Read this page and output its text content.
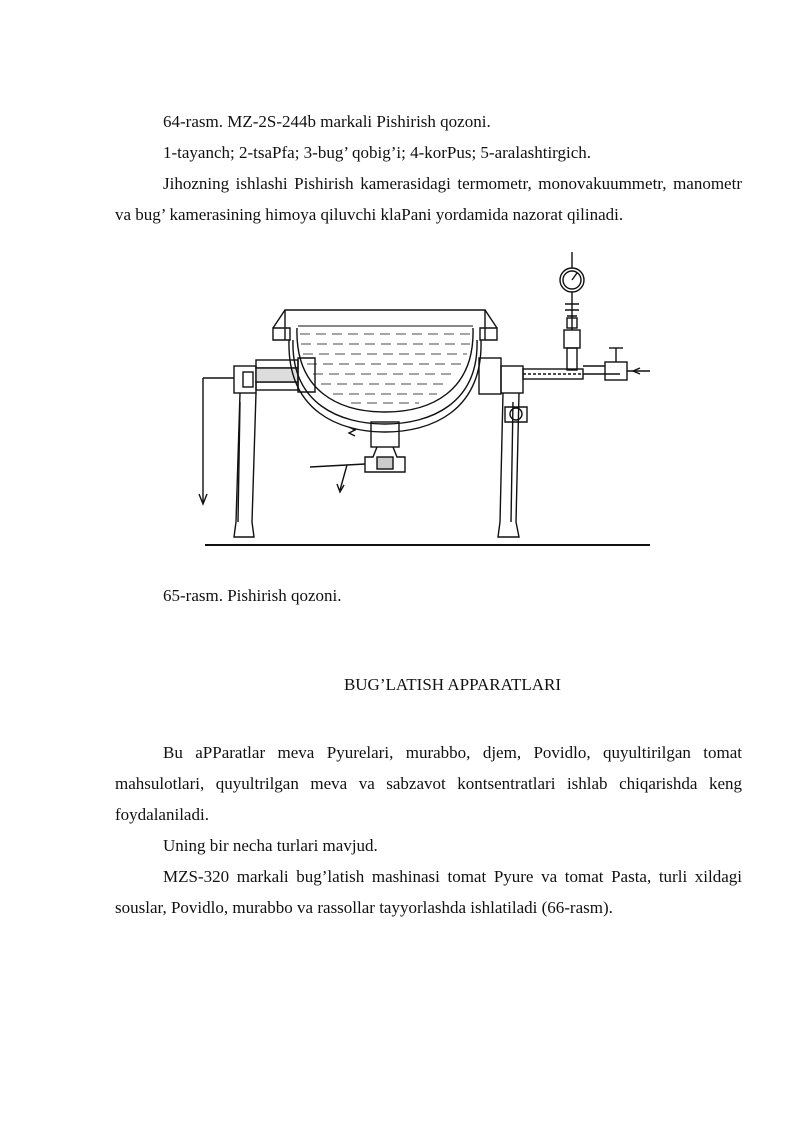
64-rasm. MZ-2S-244b markali Pishirish qozoni.

1-tayanch; 2-tsaPfa; 3-bug’ qobig’i; 4-korPus; 5-aralashtirgich.

Jihozning ishlashi Pishirish kamerasidagi termometr, monovakuummetr, manometr va bug’ kamerasining himoya qiluvchi klaPani yordamida nazorat qilinadi.

65-rasm. Pishirish qozoni.

BUG’LATISH APPARATLARI

Bu aPParatlar meva Pyurelari, murabbo, djem, Povidlo, quyultirilgan tomat mahsulotlari, quyultrilgan meva va sabzavot kontsentratlari ishlab chiqarishda keng foydalaniladi.

Uning bir necha turlari mavjud.

MZS-320 markali bug’latish mashinasi tomat Pyure va tomat Pasta, turli xildagi souslar, Povidlo, murabbo va rassollar tayyorlashda ishlatiladi (66-rasm).
